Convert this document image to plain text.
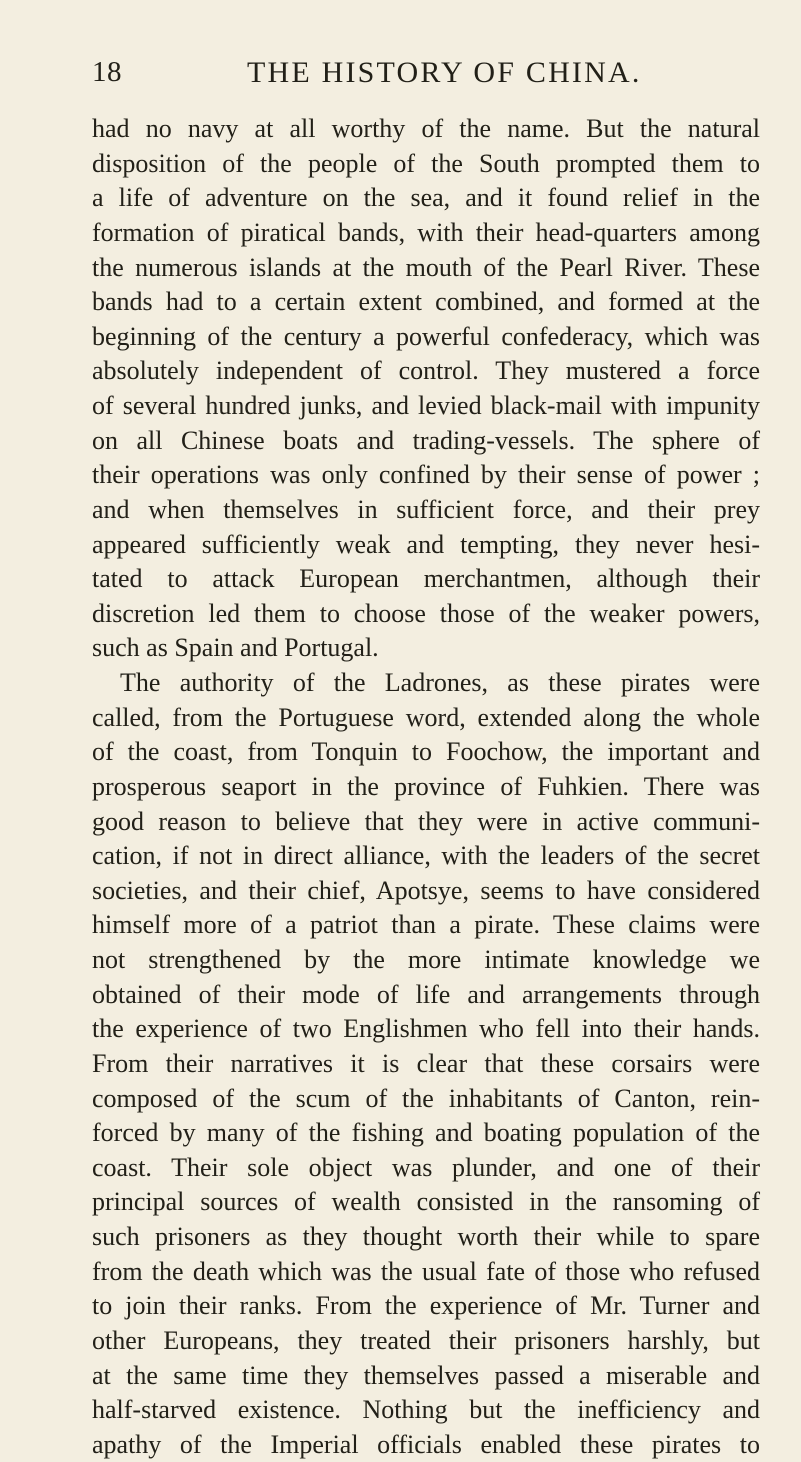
18	THE HISTORY OF CHINA.
had no navy at all worthy of the name. But the natural
disposition of the people of the South prompted them to
a life of adventure on the sea, and it found relief in the
formation of piratical bands, with their head-quarters among
the numerous islands at the mouth of the Pearl River. These
bands had to a certain extent combined, and formed at the
beginning of the century a powerful confederacy, which was
absolutely independent of control. They mustered a force
of several hundred junks, and levied black-mail with impunity
on all Chinese boats and trading-vessels. The sphere of
their operations was only confined by their sense of power ;
and when themselves in sufficient force, and their prey
appeared sufficiently weak and tempting, they never hesi-
tated to attack European merchantmen, although their
discretion led them to choose those of the weaker powers,
such as Spain and Portugal.
The authority of the Ladrones, as these pirates were
called, from the Portuguese word, extended along the whole
of the coast, from Tonquin to Foochow, the important and
prosperous seaport in the province of Fuhkien. There was
good reason to believe that they were in active communi-
cation, if not in direct alliance, with the leaders of the secret
societies, and their chief, Apotsye, seems to have considered
himself more of a patriot than a pirate. These claims were
not strengthened by the more intimate knowledge we
obtained of their mode of life and arrangements through
the experience of two Englishmen who fell into their hands.
From their narratives it is clear that these corsairs were
composed of the scum of the inhabitants of Canton, rein-
forced by many of the fishing and boating population of the
coast. Their sole object was plunder, and one of their
principal sources of wealth consisted in the ransoming of
such prisoners as they thought worth their while to spare
from the death which was the usual fate of those who refused
to join their ranks. From the experience of Mr. Turner and
other Europeans, they treated their prisoners harshly, but
at the same time they themselves passed a miserable and
half-starved existence. Nothing but the inefficiency and
apathy of the Imperial officials enabled these pirates to
